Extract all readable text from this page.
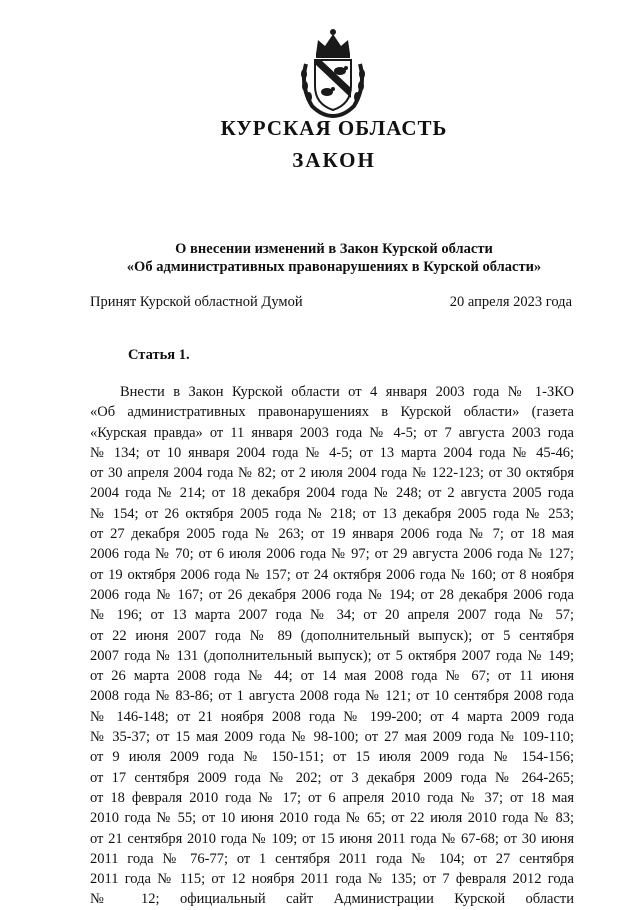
КУРСКАЯ ОБЛАСТЬ
ЗАКОН
О внесении изменений в Закон Курской области
«Об административных правонарушениях в Курской области»
Принят Курской областной Думой	20 апреля 2023 года
Статья 1.
Внести в Закон Курской области от 4 января 2003 года № 1-ЗКО
«Об административных правонарушениях в Курской области» (газета
«Курская правда» от 11 января 2003 года № 4-5; от 7 августа 2003 года
№ 134; от 10 января 2004 года № 4-5; от 13 марта 2004 года № 45-46;
от 30 апреля 2004 года № 82; от 2 июля 2004 года № 122-123; от 30 октября
2004 года № 214; от 18 декабря 2004 года № 248; от 2 августа 2005 года
№ 154; от 26 октября 2005 года № 218; от 13 декабря 2005 года № 253;
от 27 декабря 2005 года № 263; от 19 января 2006 года № 7; от 18 мая
2006 года № 70; от 6 июля 2006 года № 97; от 29 августа 2006 года № 127;
от 19 октября 2006 года № 157; от 24 октября 2006 года № 160; от 8 ноября
2006 года № 167; от 26 декабря 2006 года № 194; от 28 декабря 2006 года
№ 196; от 13 марта 2007 года № 34; от 20 апреля 2007 года № 57;
от 22 июня 2007 года № 89 (дополнительный выпуск); от 5 сентября
2007 года № 131 (дополнительный выпуск); от 5 октября 2007 года № 149;
от 26 марта 2008 года № 44; от 14 мая 2008 года № 67; от 11 июня
2008 года № 83-86; от 1 августа 2008 года № 121; от 10 сентября 2008 года
№ 146-148; от 21 ноября 2008 года № 199-200; от 4 марта 2009 года
№ 35-37; от 15 мая 2009 года № 98-100; от 27 мая 2009 года № 109-110;
от 9 июля 2009 года № 150-151; от 15 июля 2009 года № 154-156;
от 17 сентября 2009 года № 202; от 3 декабря 2009 года № 264-265;
от 18 февраля 2010 года № 17; от 6 апреля 2010 года № 37; от 18 мая
2010 года № 55; от 10 июня 2010 года № 65; от 22 июля 2010 года № 83;
от 21 сентября 2010 года № 109; от 15 июня 2011 года № 67-68; от 30 июня
2011 года № 76-77; от 1 сентября 2011 года № 104; от 27 сентября
2011 года № 115; от 12 ноября 2011 года № 135; от 7 февраля 2012 года
№ 12; официальный сайт Администрации Курской области
